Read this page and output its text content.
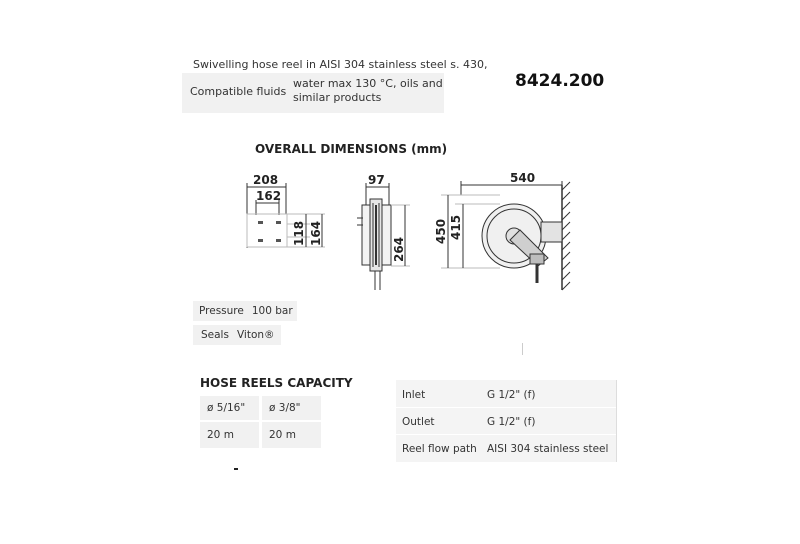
Swivelling hose reel in AISI 304 stainless steel s. 430,
Compatible fluids
water max 130 °C, oils and similar products
8424.200
OVERALL DIMENSIONS (mm)
208
162
118 164
97
264
540
450 415
Pressure 100 bar
Seals Viton®
HOSE REELS CAPACITY
ø 5/16" ø 3/8"
20 m	20 m
Inlet	G 1/2" (f)
Outlet	G 1/2" (f)
Reel flow path AISI 304 stainless steel
